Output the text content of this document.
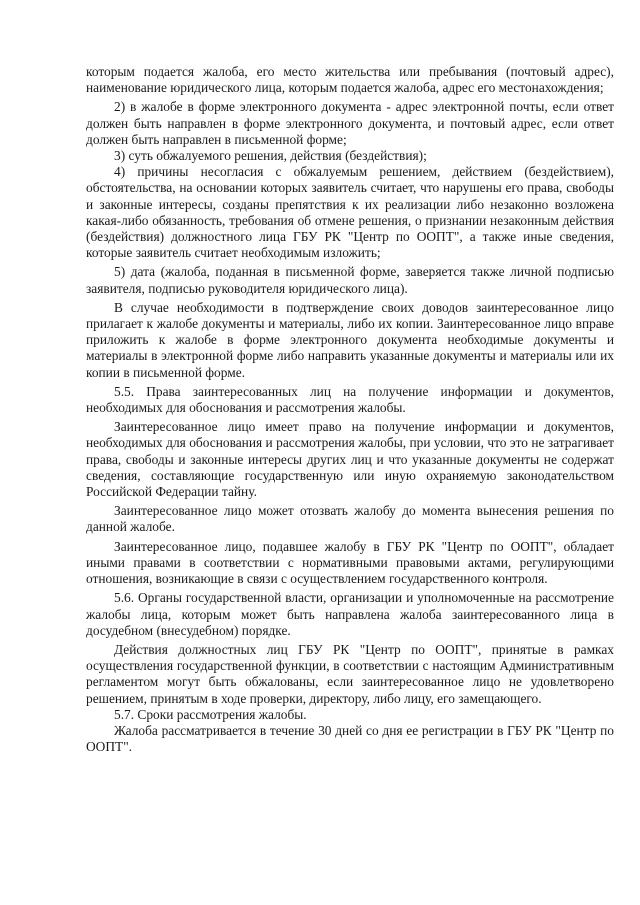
которым подается жалоба, его место жительства или пребывания (почтовый адрес), наименование юридического лица, которым подается жалоба, адрес его местонахождения;

2) в жалобе в форме электронного документа - адрес электронной почты, если ответ должен быть направлен в форме электронного документа, и почтовый адрес, если ответ должен быть направлен в письменной форме;

3) суть обжалуемого решения, действия (бездействия);

4) причины несогласия с обжалуемым решением, действием (бездействием), обстоятельства, на основании которых заявитель считает, что нарушены его права, свободы и законные интересы, созданы препятствия к их реализации либо незаконно возложена какая-либо обязанность, требования об отмене решения, о признании незаконным действия (бездействия) должностного лица ГБУ РК "Центр по ООПТ", а также иные сведения, которые заявитель считает необходимым изложить;

5) дата (жалоба, поданная в письменной форме, заверяется также личной подписью заявителя, подписью руководителя юридического лица).

В случае необходимости в подтверждение своих доводов заинтересованное лицо прилагает к жалобе документы и материалы, либо их копии. Заинтересованное лицо вправе приложить к жалобе в форме электронного документа необходимые документы и материалы в электронной форме либо направить указанные документы и материалы или их копии в письменной форме.

5.5. Права заинтересованных лиц на получение информации и документов, необходимых для обоснования и рассмотрения жалобы.

Заинтересованное лицо имеет право на получение информации и документов, необходимых для обоснования и рассмотрения жалобы, при условии, что это не затрагивает права, свободы и законные интересы других лиц и что указанные документы не содержат сведения, составляющие государственную или иную охраняемую законодательством Российской Федерации тайну.

Заинтересованное лицо может отозвать жалобу до момента вынесения решения по данной жалобе.

Заинтересованное лицо, подавшее жалобу в ГБУ РК "Центр по ООПТ", обладает иными правами в соответствии с нормативными правовыми актами, регулирующими отношения, возникающие в связи с осуществлением государственного контроля.

5.6. Органы государственной власти, организации и уполномоченные на рассмотрение жалобы лица, которым может быть направлена жалоба заинтересованного лица в досудебном (внесудебном) порядке.

Действия должностных лиц ГБУ РК "Центр по ООПТ", принятые в рамках осуществления государственной функции, в соответствии с настоящим Административным регламентом могут быть обжалованы, если заинтересованное лицо не удовлетворено решением, принятым в ходе проверки, директору, либо лицу, его замещающего.

5.7. Сроки рассмотрения жалобы.

Жалоба рассматривается в течение 30 дней со дня ее регистрации в ГБУ РК "Центр по ООПТ".
